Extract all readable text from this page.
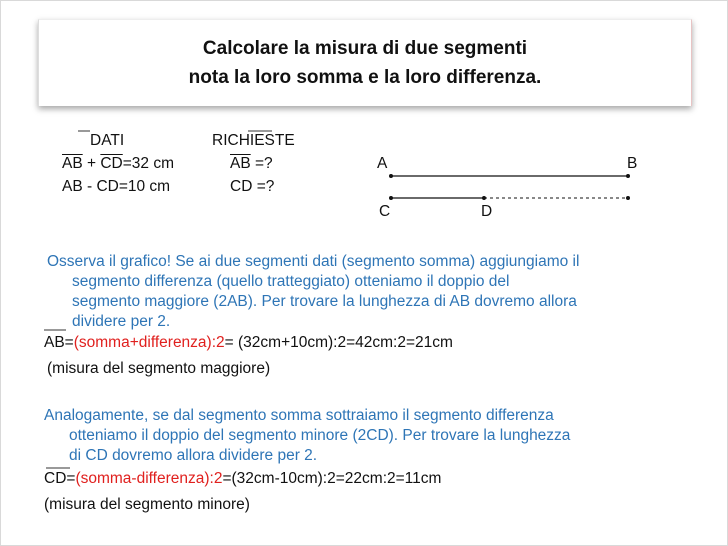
Calcolare la misura di due segmenti
nota la loro somma e la loro differenza.
DATI
$\overline{AB} + \overline{CD}=32$ cm
AB - CD=10 cm
RICHIESTE
$\overline{AB}$ =?
CD =?
A	B
C	D
Osserva il grafico! Se ai due segmenti dati (segmento somma) aggiungiamo il
segmento differenza (quello tratteggiato) otteniamo il doppio del
segmento maggiore (2AB). Per trovare la lunghezza di AB dovremo allora
dividere per 2.
AB=(somma+differenza):2= (32cm+10cm):2=42cm:2=21cm
(misura del segmento maggiore)
Analogamente, se dal segmento somma sottraiamo il segmento differenza
otteniamo il doppio del segmento minore (2CD). Per trovare la lunghezza
di CD dovremo allora dividere per 2.
CD=(somma-differenza):2=(32cm-10cm):2=22cm:2=11cm
(misura del segmento minore)
